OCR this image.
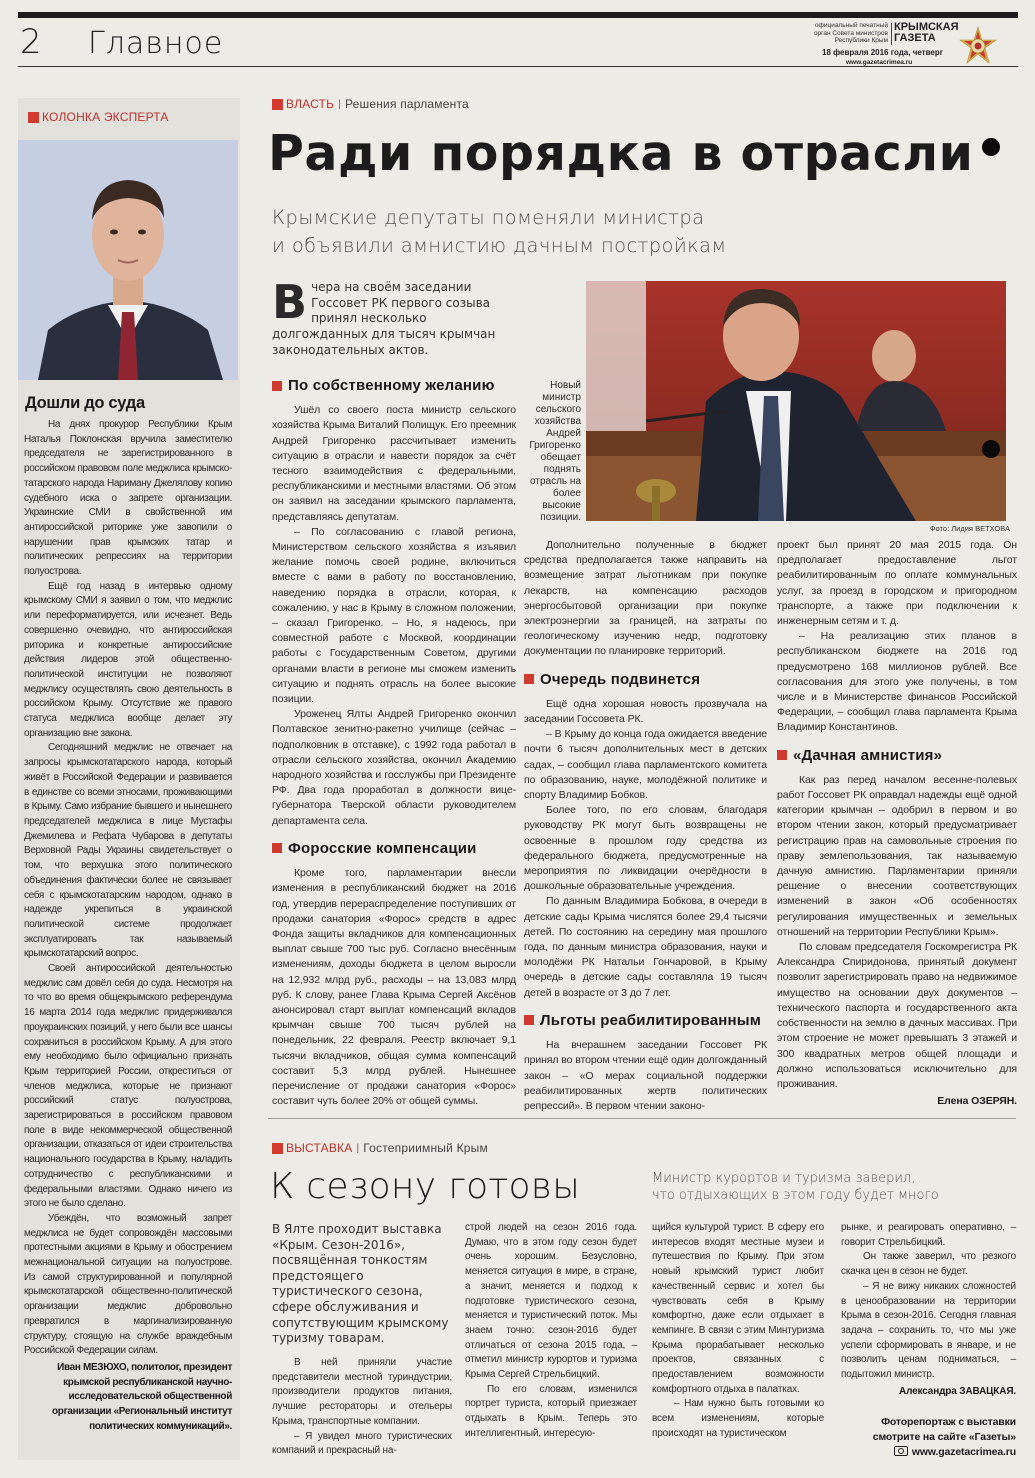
2 Главное
официальный печатный
орган Совета министров
Республики Крым
КРЫМСКАЯ
ГАЗЕТА
18 февраля 2016 года, четверг
www.gazetacrimea.ru
КОЛОНКА ЭКСПЕРТА
Дошли до суда

На днях прокурор Республики Крым Наталья Поклонская вручила заместителю председателя не зарегистрированного в российском правовом поле меджлиса крымско-татарского народа Нариману Джелялову копию судебного иска о запрете организации. Украинские СМИ в свойственной им антироссийской риторике уже завопили о нарушении прав крымских татар и политических репрессиях на территории полуострова.

Ещё год назад в интервью одному крымскому СМИ я заявил о том, что меджлис или переформатируется, или исчезнет. Ведь совершенно очевидно, что антироссийская риторика и конкретные антироссийские действия лидеров этой общественно-политической институции не позволяют меджлису осуществлять свою деятельность в российском Крыму. Отсутствие же правого статуса меджлиса вообще делает эту организацию вне закона.

Сегодняшний меджлис не отвечает на запросы крымскотатарского народа, который живёт в Российской Федерации и развивается в единстве со всеми этносами, проживающими в Крыму. Само избрание бывшего и нынешнего председателей меджлиса в лице Мустафы Джемилева и Рефата Чубарова в депутаты Верховной Рады Украины свидетельствует о том, что верхушка этого политического объединения фактически более не связывает себя с крымскотатарским народом, однако в надежде укрепиться в украинской политической системе продолжает эксплуатировать так называемый крымскотатарский вопрос.

Своей антироссийской деятельностью меджлис сам довёл себя до суда. Несмотря на то что во время общекрымского референдума 16 марта 2014 года меджлис придерживался проукраинских позиций, у него были все шансы сохраниться в российском Крыму. А для этого ему необходимо было официально признать Крым территорией России, откреститься от членов меджлиса, которые не признают российский статус полуострова, зарегистрироваться в российском правовом поле в виде некоммерческой общественной организации, отказаться от идеи строительства национального государства в Крыму, наладить сотрудничество с республиканскими и федеральными властями. Однако ничего из этого не было сделано.

Убеждён, что возможный запрет меджлиса не будет сопровождён массовыми протестными акциями в Крыму и обострением межнациональной ситуации на полуострове. Из самой структурированной и популярной крымскотатарской общественно-политической организации меджлис добровольно превратился в маргинализированную структуру, стоящую на службе враждебным Российской Федерации силам.

Иван МЕЗЮХО, политолог, президент крымской республиканской научно-исследовательской общественной организации «Региональный институт политических коммуникаций».
ВЛАСТЬ | Решения парламента
Ради порядка в отрасли
Крымские депутаты поменяли министра
и объявили амнистию дачным постройкам
В чера на своём заседании Госсовет РК первого созыва принял несколько долгожданных для тысяч крымчан законодательных актов.
Новый министр сельского хозяйства Андрей Григоренко обещает поднять отрасль на более высокие позиции.
Фото: Лидия ВЕТХОВА
По собственному желанию

Ушёл со своего поста министр сельского хозяйства Крыма Виталий Полищук. Его преемник Андрей Григоренко рассчитывает изменить ситуацию в отрасли и навести порядок за счёт тесного взаимодействия с федеральными, республиканскими и местными властями. Об этом он заявил на заседании крымского парламента, представляясь депутатам.

– По согласованию с главой региона, Министерством сельского хозяйства я изъявил желание помочь своей родине, включиться вместе с вами в работу по восстановлению, наведению порядка в отрасли, которая, к сожалению, у нас в Крыму в сложном положении, – сказал Григоренко. – Но, я надеюсь, при совместной работе с Москвой, координации работы с Государственным Советом, другими органами власти в регионе мы сможем изменить ситуацию и поднять отрасль на более высокие позиции.

Уроженец Ялты Андрей Григоренко окончил Полтавское зенитно-ракетно училище (сейчас – подполковник в отставке), с 1992 года работал в отрасли сельского хозяйства, окончил Академию народного хозяйства и госслужбы при Президенте РФ. Два года проработал в должности вице-губернатора Тверской области руководителем департамента села.

Форосские компенсации

Кроме того, парламентарии внесли изменения в республиканский бюджет на 2016 год, утвердив перераспределение поступивших от продажи санатория «Форос» средств в адрес Фонда защиты вкладчиков для компенсационных выплат свыше 700 тыс руб. Согласно внесённым изменениям, доходы бюджета в целом выросли на 12,932 млрд руб., расходы – на 13,083 млрд руб. К слову, ранее Глава Крыма Сергей Аксёнов анонсировал старт выплат компенсаций вкладов крымчан свыше 700 тысяч рублей на понедельник, 22 февраля. Реестр включает 9,1 тысячи вкладчиков, общая сумма компенсаций составит 5,3 млрд рублей. Нынешнее перечисление от продажи санатория «Форос» составит чуть более 20% от общей суммы.

Дополнительно полученные в бюджет средства предполагается также направить на возмещение затрат льготникам при покупке лекарств, на компенсацию расходов энергосбытовой организации при покупке электроэнергии за границей, на затраты по геологическому изучению недр, подготовку документации по планировке территорий.

Очередь подвинется

Ещё одна хорошая новость прозвучала на заседании Госсовета РК.

– В Крыму до конца года ожидается введение почти 6 тысяч дополнительных мест в детских садах, – сообщил глава парламентского комитета по образованию, науке, молодёжной политике и спорту Владимир Бобков.

Более того, по его словам, благодаря руководству РК могут быть возвращены не освоенные в прошлом году средства из федерального бюджета, предусмотренные на мероприятия по ликвидации очерёдности в дошкольные образовательные учреждения.

По данным Владимира Бобкова, в очереди в детские сады Крыма числятся более 29,4 тысячи детей. По состоянию на середину мая прошлого года, по данным министра образования, науки и молодёжи РК Натальи Гончаровой, в Крыму очередь в детские сады составляла 19 тысяч детей в возрасте от 3 до 7 лет.

Льготы реабилитированным

На вчерашнем заседании Госсовет РК принял во втором чтении ещё один долгожданный закон – «О мерах социальной поддержки реабилитированных жертв политических репрессий». В первом чтении законо-

проект был принят 20 мая 2015 года. Он предполагает предоставление льгот реабилитированным по оплате коммунальных услуг, за проезд в городском и пригородном транспорте, а также при подключении к инженерным сетям и т. д.

– На реализацию этих планов в республиканском бюджете на 2016 год предусмотрено 168 миллионов рублей. Все согласования для этого уже получены, в том числе и в Министерстве финансов Российской Федерации, – сообщил глава парламента Крыма Владимир Константинов.

«Дачная амнистия»

Как раз перед началом весенне-полевых работ Госсовет РК оправдал надежды ещё одной категории крымчан – одобрил в первом и во втором чтении закон, который предусматривает регистрацию прав на самовольные строения по праву землепользования, так называемую дачную амнистию. Парламентарии приняли решение о внесении соответствующих изменений в закон «Об особенностях регулирования имущественных и земельных отношений на территории Республики Крым».

По словам председателя Госкомрегистра РК Александра Спиридонова, принятый документ позволит зарегистрировать право на недвижимое имущество на основании двух документов – технического паспорта и государственного акта собственности на землю в дачных массивах. При этом строение не может превышать 3 этажей и 300 квадратных метров общей площади и должно использоваться исключительно для проживания.

Елена ОЗЕРЯН.
ВЫСТАВКА | Гостеприимный Крым
К сезону готовы	Министр курортов и туризма заверил,
что отдыхающих в этом году будет много
В Ялте проходит выставка «Крым. Сезон-2016», посвящённая тонкостям предстоящего туристического сезона, сфере обслуживания и сопутствующим крымскому туризму товарам.

В ней приняли участие представители местной туриндустрии, производители продуктов питания, лучшие рестораторы и отельеры Крыма, транспортные компании.

– Я увидел много туристических компаний и прекрасный на-

строй людей на сезон 2016 года. Думаю, что в этом году сезон будет очень хорошим. Безусловно, меняется ситуация в мире, в стране, а значит, меняется и подход к подготовке туристического сезона, меняется и туристический поток. Мы знаем точно: сезон-2016 будет отличаться от сезона 2015 года, – отметил министр курортов и туризма Крыма Сергей Стрельбицкий.

По его словам, изменился портрет туриста, который приезжает отдыхать в Крым. Теперь это интеллигентный, интересую-

щийся культурой турист. В сферу его интересов входят местные музеи и путешествия по Крыму. При этом новый крымский турист любит качественный сервис и хотел бы чувствовать себя в Крыму комфортно, даже если отдыхает в кемпинге. В связи с этим Минтуризма Крыма прорабатывает несколько проектов, связанных с предоставлением возможности комфортного отдыха в палатках.

– Нам нужно быть готовыми ко всем изменениям, которые происходят на туристическом

рынке, и реагировать оперативно, – говорит Стрельбицкий.

Он также заверил, что резкого скачка цен в сезон не будет.

– Я не вижу никаких сложностей в ценообразовании на территории Крыма в сезон-2016. Сегодня главная задача – сохранить то, что мы уже успели сформировать в январе, и не позволить ценам подниматься, – подытожил министр.

Александра ЗАВАЦКАЯ.
Фоторепортаж с выставки
смотрите на сайте «Газеты»
www.gazetacrimea.ru
